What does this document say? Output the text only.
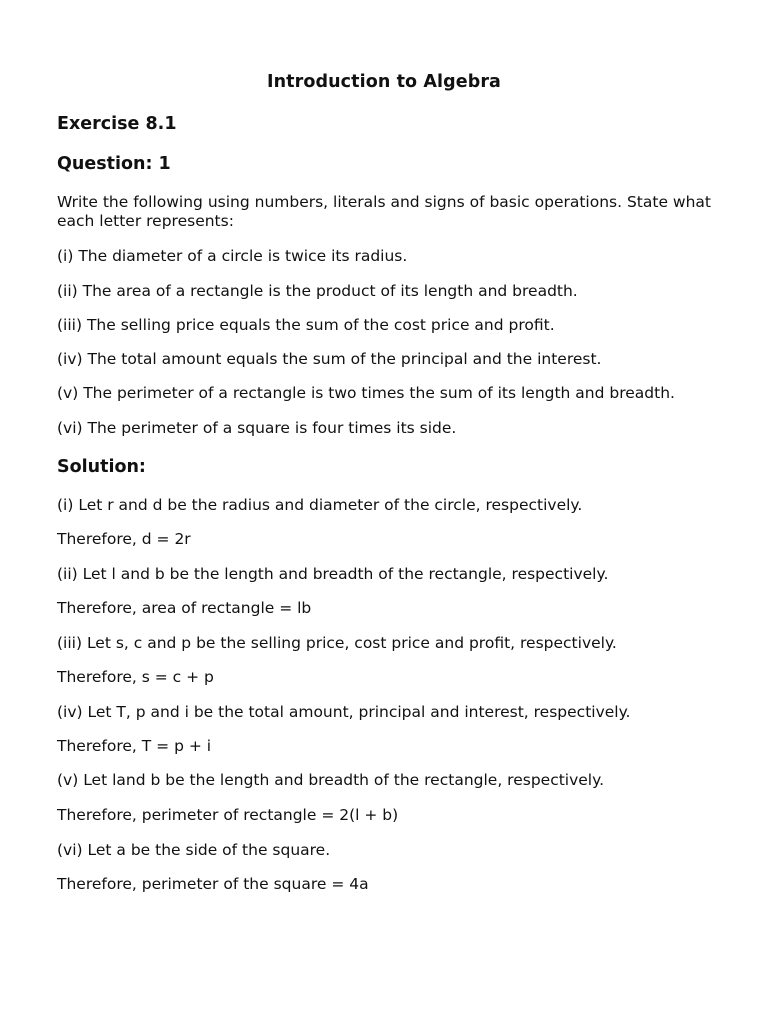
Introduction to Algebra
Exercise 8.1
Question: 1
Write the following using numbers, literals and signs of basic operations. State what each letter represents:
(i) The diameter of a circle is twice its radius.
(ii) The area of a rectangle is the product of its length and breadth.
(iii) The selling price equals the sum of the cost price and profit.
(iv) The total amount equals the sum of the principal and the interest.
(v) The perimeter of a rectangle is two times the sum of its length and breadth.
(vi) The perimeter of a square is four times its side.
Solution:
(i) Let r and d be the radius and diameter of the circle, respectively.
Therefore, d = 2r
(ii) Let l and b be the length and breadth of the rectangle, respectively.
Therefore, area of rectangle = lb
(iii) Let s, c and p be the selling price, cost price and profit, respectively.
Therefore, s = c + p
(iv) Let T, p and i be the total amount, principal and interest, respectively.
Therefore, T = p + i
(v) Let land b be the length and breadth of the rectangle, respectively.
Therefore, perimeter of rectangle = 2(l + b)
(vi) Let a be the side of the square.
Therefore, perimeter of the square = 4a
